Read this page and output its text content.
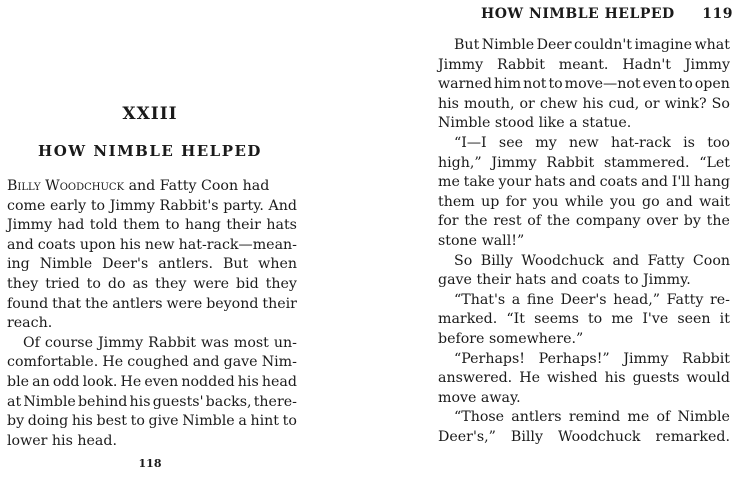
XXIII
HOW NIMBLE HELPED
Billy Woodchuck and Fatty Coon had
come early to Jimmy Rabbit's party. And
Jimmy had told them to hang their hats
and coats upon his new hat-rack—mean-
ing Nimble Deer's antlers. But when
they tried to do as they were bid they
found that the antlers were beyond their
reach.
Of course Jimmy Rabbit was most un-
comfortable. He coughed and gave Nim-
ble an odd look. He even nodded his head
at Nimble behind his guests' backs, there-
by doing his best to give Nimble a hint to
lower his head.
118
HOW NIMBLE HELPED 119
But Nimble Deer couldn't imagine what
Jimmy Rabbit meant. Hadn't Jimmy
warned him not to move—not even to open
his mouth, or chew his cud, or wink? So
Nimble stood like a statue.
“I—I see my new hat-rack is too
high,” Jimmy Rabbit stammered. “Let
me take your hats and coats and I'll hang
them up for you while you go and wait
for the rest of the company over by the
stone wall!”
So Billy Woodchuck and Fatty Coon
gave their hats and coats to Jimmy.
“That's a fine Deer's head,” Fatty re-
marked. “It seems to me I've seen it
before somewhere.”
“Perhaps! Perhaps!” Jimmy Rabbit
answered. He wished his guests would
move away.
“Those antlers remind me of Nimble
Deer's,” Billy Woodchuck remarked.
